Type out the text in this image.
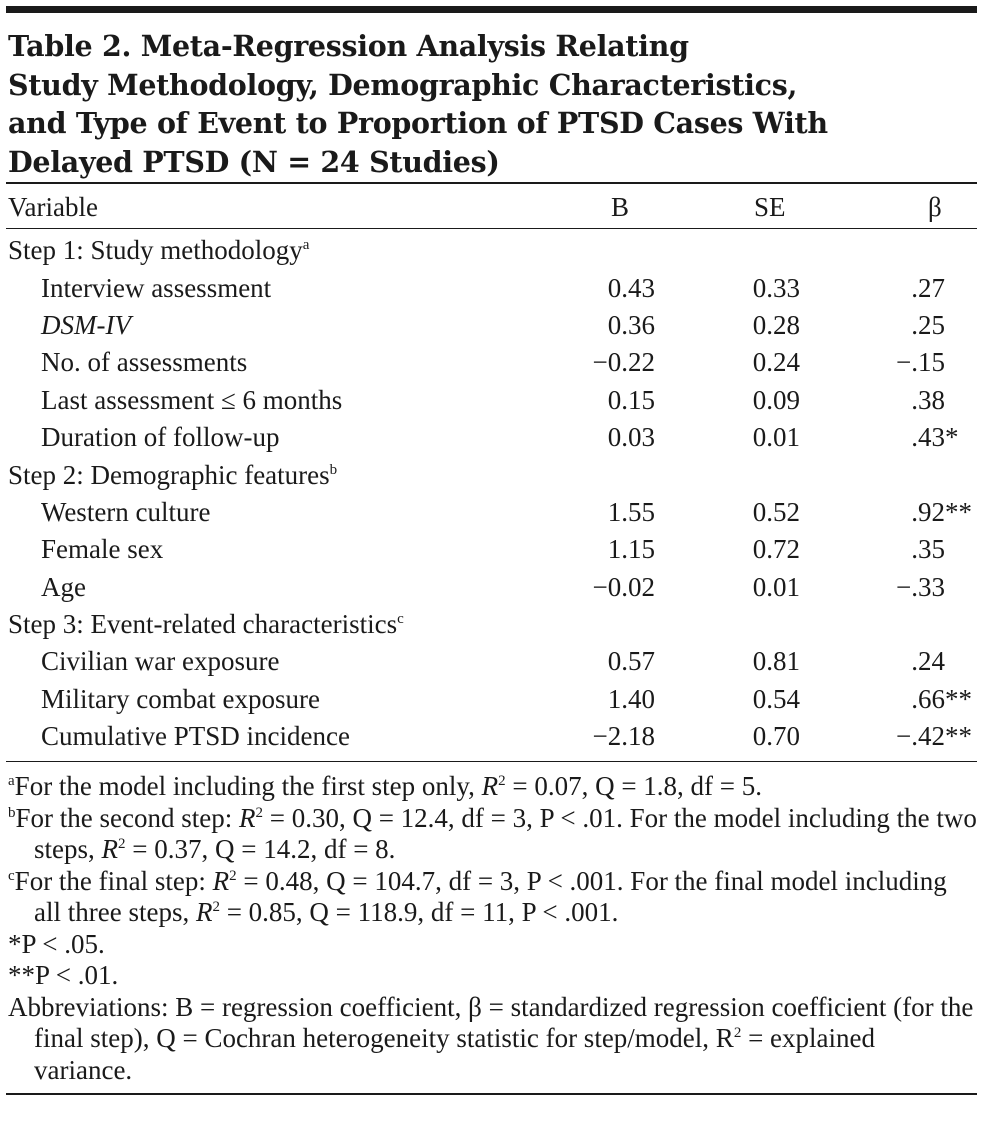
Table 2. Meta-Regression Analysis Relating
Study Methodology, Demographic Characteristics,
and Type of Event to Proportion of PTSD Cases With
Delayed PTSD (N = 24 Studies)
Variable	B	SE	β
Step 1: Study methodology$^a$
Interview assessment	0.43	0.33	.27
DSM-IV	0.36	0.28	.25
No. of assessments	−0.22	0.24	−.15
Last assessment ≤ 6 months	0.15	0.09	.38
Duration of follow-up	0.03	0.01	.43 *
Step 2: Demographic features$^b$
Western culture	1.55	0.52	.92 **
Female sex	1.15	0.72	.35
Age	−0.02	0.01	−.33
Step 3: Event-related characteristics$^c$
Civilian war exposure	0.57	0.81	.24
Military combat exposure	1.40	0.54	.66 **
Cumulative PTSD incidence	−2.18	0.70	−.42 **
$^a$For the model including the first step only, $R^2 = 0.07$, Q = 1.8, df = 5.
$^b$For the second step: $R^2 = 0.30$, Q = 12.4, df = 3, P < .01. For the model including the two steps, $R^2 = 0.37$, Q = 14.2, df = 8.
$^c$For the final step: $R^2 = 0.48$, Q = 104.7, df = 3, P < .001. For the final model including all three steps, $R^2 = 0.85$, Q = 118.9, df = 11, P < .001.
*P < .05.
**P < .01.
Abbreviations: B = regression coefficient, β = standardized regression coefficient (for the final step), Q = Cochran heterogeneity statistic for step/model, $R^2$ = explained variance.
